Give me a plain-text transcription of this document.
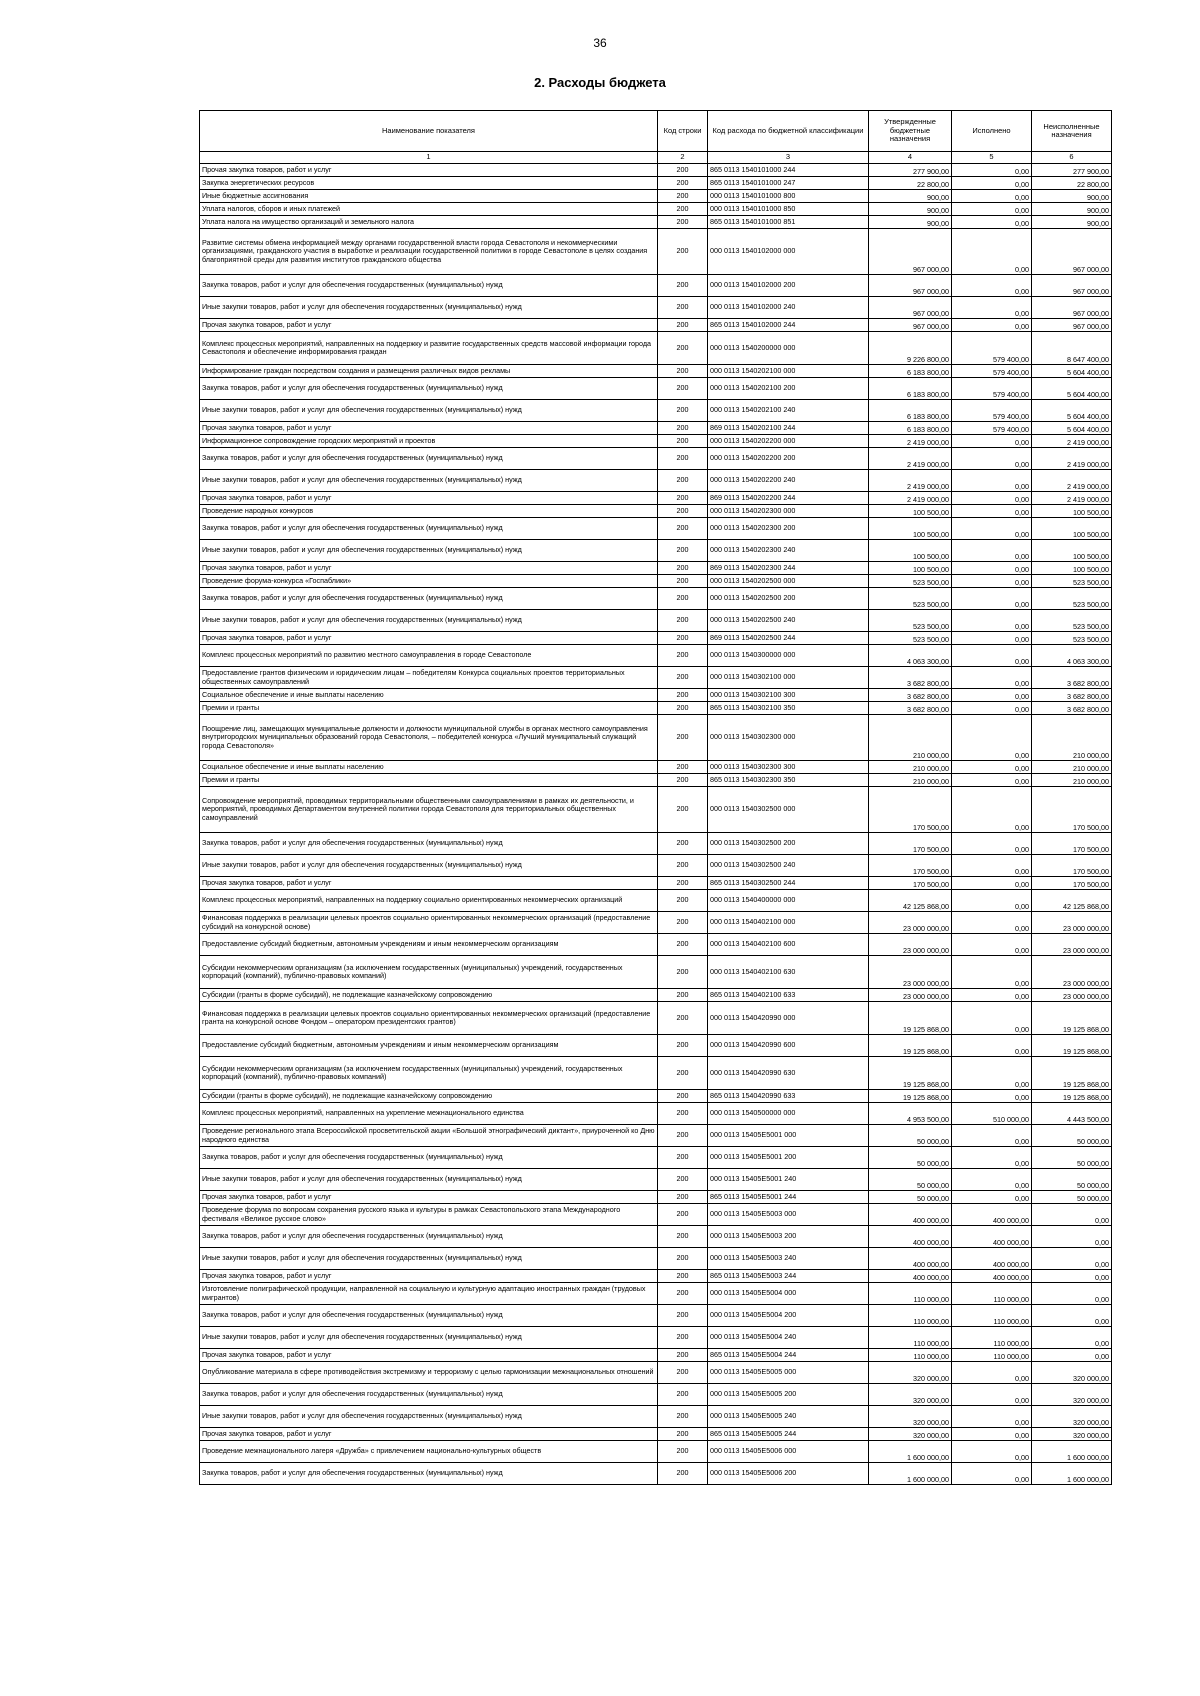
36
2. Расходы бюджета
Наименование показателя	Код строки	Код расхода по бюджетной классификации	Утвержденные бюджетные назначения	Исполнено	Неисполненные назначения
1	2	3	4	5	6
Прочая закупка товаров, работ и услуг	200	865 0113 1540101000 244	277 900,00	0,00	277 900,00
Закупка энергетических ресурсов	200	865 0113 1540101000 247	22 800,00	0,00	22 800,00
Иные бюджетные ассигнования	200	000 0113 1540101000 800	900,00	0,00	900,00
Уплата налогов, сборов и иных платежей	200	000 0113 1540101000 850	900,00	0,00	900,00
Уплата налога на имущество организаций и земельного налога	200	865 0113 1540101000 851	900,00	0,00	900,00
Развитие системы обмена информацией между органами государственной власти города Севастополя и некоммерческими организациями, гражданского участия в выработке и реализации государственной политики в городе Севастополе в целях создания благоприятной среды для развития институтов гражданского общества	200	000 0113 1540102000 000	967 000,00	0,00	967 000,00
Закупка товаров, работ и услуг для обеспечения государственных (муниципальных) нужд	200	000 0113 1540102000 200	967 000,00	0,00	967 000,00
Иные закупки товаров, работ и услуг для обеспечения государственных (муниципальных) нужд	200	000 0113 1540102000 240	967 000,00	0,00	967 000,00
Прочая закупка товаров, работ и услуг	200	865 0113 1540102000 244	967 000,00	0,00	967 000,00
Комплекс процессных мероприятий, направленных на поддержку и развитие государственных средств массовой информации города Севастополя и обеспечение информирования граждан	200	000 0113 1540200000 000	9 226 800,00	579 400,00	8 647 400,00
Информирование граждан посредством создания и размещения различных видов рекламы	200	000 0113 1540202100 000	6 183 800,00	579 400,00	5 604 400,00
Закупка товаров, работ и услуг для обеспечения государственных (муниципальных) нужд	200	000 0113 1540202100 200	6 183 800,00	579 400,00	5 604 400,00
Иные закупки товаров, работ и услуг для обеспечения государственных (муниципальных) нужд	200	000 0113 1540202100 240	6 183 800,00	579 400,00	5 604 400,00
Прочая закупка товаров, работ и услуг	200	869 0113 1540202100 244	6 183 800,00	579 400,00	5 604 400,00
Информационное сопровождение городских мероприятий и проектов	200	000 0113 1540202200 000	2 419 000,00	0,00	2 419 000,00
Закупка товаров, работ и услуг для обеспечения государственных (муниципальных) нужд	200	000 0113 1540202200 200	2 419 000,00	0,00	2 419 000,00
Иные закупки товаров, работ и услуг для обеспечения государственных (муниципальных) нужд	200	000 0113 1540202200 240	2 419 000,00	0,00	2 419 000,00
Прочая закупка товаров, работ и услуг	200	869 0113 1540202200 244	2 419 000,00	0,00	2 419 000,00
Проведение народных конкурсов	200	000 0113 1540202300 000	100 500,00	0,00	100 500,00
Закупка товаров, работ и услуг для обеспечения государственных (муниципальных) нужд	200	000 0113 1540202300 200	100 500,00	0,00	100 500,00
Иные закупки товаров, работ и услуг для обеспечения государственных (муниципальных) нужд	200	000 0113 1540202300 240	100 500,00	0,00	100 500,00
Прочая закупка товаров, работ и услуг	200	869 0113 1540202300 244	100 500,00	0,00	100 500,00
Проведение форума-конкурса «Госпаблики»	200	000 0113 1540202500 000	523 500,00	0,00	523 500,00
Закупка товаров, работ и услуг для обеспечения государственных (муниципальных) нужд	200	000 0113 1540202500 200	523 500,00	0,00	523 500,00
Иные закупки товаров, работ и услуг для обеспечения государственных (муниципальных) нужд	200	000 0113 1540202500 240	523 500,00	0,00	523 500,00
Прочая закупка товаров, работ и услуг	200	869 0113 1540202500 244	523 500,00	0,00	523 500,00
Комплекс процессных мероприятий по развитию местного самоуправления в городе Севастополе	200	000 0113 1540300000 000	4 063 300,00	0,00	4 063 300,00
Предоставление грантов физическим и юридическим лицам – победителям Конкурса социальных проектов территориальных общественных самоуправлений	200	000 0113 1540302100 000	3 682 800,00	0,00	3 682 800,00
Социальное обеспечение и иные выплаты населению	200	000 0113 1540302100 300	3 682 800,00	0,00	3 682 800,00
Премии и гранты	200	865 0113 1540302100 350	3 682 800,00	0,00	3 682 800,00
Поощрение лиц, замещающих муниципальные должности и должности муниципальной службы в органах местного самоуправления внутригородских муниципальных образований города Севастополя, – победителей конкурса «Лучший муниципальный служащий города Севастополя»	200	000 0113 1540302300 000	210 000,00	0,00	210 000,00
Социальное обеспечение и иные выплаты населению	200	000 0113 1540302300 300	210 000,00	0,00	210 000,00
Премии и гранты	200	865 0113 1540302300 350	210 000,00	0,00	210 000,00
Сопровождение мероприятий, проводимых территориальными общественными самоуправлениями в рамках их деятельности, и мероприятий, проводимых Департаментом внутренней политики города Севастополя для территориальных общественных самоуправлений	200	000 0113 1540302500 000	170 500,00	0,00	170 500,00
Закупка товаров, работ и услуг для обеспечения государственных (муниципальных) нужд	200	000 0113 1540302500 200	170 500,00	0,00	170 500,00
Иные закупки товаров, работ и услуг для обеспечения государственных (муниципальных) нужд	200	000 0113 1540302500 240	170 500,00	0,00	170 500,00
Прочая закупка товаров, работ и услуг	200	865 0113 1540302500 244	170 500,00	0,00	170 500,00
Комплекс процессных мероприятий, направленных на поддержку социально ориентированных некоммерческих организаций	200	000 0113 1540400000 000	42 125 868,00	0,00	42 125 868,00
Финансовая поддержка в реализации целевых проектов социально ориентированных некоммерческих организаций (предоставление субсидий на конкурсной основе)	200	000 0113 1540402100 000	23 000 000,00	0,00	23 000 000,00
Предоставление субсидий бюджетным, автономным учреждениям и иным некоммерческим организациям	200	000 0113 1540402100 600	23 000 000,00	0,00	23 000 000,00
Субсидии некоммерческим организациям (за исключением государственных (муниципальных) учреждений, государственных корпораций (компаний), публично-правовых компаний)	200	000 0113 1540402100 630	23 000 000,00	0,00	23 000 000,00
Субсидии (гранты в форме субсидий), не подлежащие казначейскому сопровождению	200	865 0113 1540402100 633	23 000 000,00	0,00	23 000 000,00
Финансовая поддержка в реализации целевых проектов социально ориентированных некоммерческих организаций (предоставление гранта на конкурсной основе Фондом – оператором президентских грантов)	200	000 0113 1540420990 000	19 125 868,00	0,00	19 125 868,00
Предоставление субсидий бюджетным, автономным учреждениям и иным некоммерческим организациям	200	000 0113 1540420990 600	19 125 868,00	0,00	19 125 868,00
Субсидии некоммерческим организациям (за исключением государственных (муниципальных) учреждений, государственных корпораций (компаний), публично-правовых компаний)	200	000 0113 1540420990 630	19 125 868,00	0,00	19 125 868,00
Субсидии (гранты в форме субсидий), не подлежащие казначейскому сопровождению	200	865 0113 1540420990 633	19 125 868,00	0,00	19 125 868,00
Комплекс процессных мероприятий, направленных на укрепление межнационального единства	200	000 0113 1540500000 000	4 953 500,00	510 000,00	4 443 500,00
Проведение регионального этапа Всероссийской просветительской акции «Большой этнографический диктант», приуроченной ко Дню народного единства	200	000 0113 15405E5001 000	50 000,00	0,00	50 000,00
Закупка товаров, работ и услуг для обеспечения государственных (муниципальных) нужд	200	000 0113 15405E5001 200	50 000,00	0,00	50 000,00
Иные закупки товаров, работ и услуг для обеспечения государственных (муниципальных) нужд	200	000 0113 15405E5001 240	50 000,00	0,00	50 000,00
Прочая закупка товаров, работ и услуг	200	865 0113 15405E5001 244	50 000,00	0,00	50 000,00
Проведение форума по вопросам сохранения русского языка и культуры в рамках Севастопольского этапа Международного фестиваля «Великое русское слово»	200	000 0113 15405E5003 000	400 000,00	400 000,00	0,00
Закупка товаров, работ и услуг для обеспечения государственных (муниципальных) нужд	200	000 0113 15405E5003 200	400 000,00	400 000,00	0,00
Иные закупки товаров, работ и услуг для обеспечения государственных (муниципальных) нужд	200	000 0113 15405E5003 240	400 000,00	400 000,00	0,00
Прочая закупка товаров, работ и услуг	200	865 0113 15405E5003 244	400 000,00	400 000,00	0,00
Изготовление полиграфической продукции, направленной на социальную и культурную адаптацию иностранных граждан (трудовых мигрантов)	200	000 0113 15405E5004 000	110 000,00	110 000,00	0,00
Закупка товаров, работ и услуг для обеспечения государственных (муниципальных) нужд	200	000 0113 15405E5004 200	110 000,00	110 000,00	0,00
Иные закупки товаров, работ и услуг для обеспечения государственных (муниципальных) нужд	200	000 0113 15405E5004 240	110 000,00	110 000,00	0,00
Прочая закупка товаров, работ и услуг	200	865 0113 15405E5004 244	110 000,00	110 000,00	0,00
Опубликование материала в сфере противодействия экстремизму и терроризму с целью гармонизации межнациональных отношений	200	000 0113 15405E5005 000	320 000,00	0,00	320 000,00
Закупка товаров, работ и услуг для обеспечения государственных (муниципальных) нужд	200	000 0113 15405E5005 200	320 000,00	0,00	320 000,00
Иные закупки товаров, работ и услуг для обеспечения государственных (муниципальных) нужд	200	000 0113 15405E5005 240	320 000,00	0,00	320 000,00
Прочая закупка товаров, работ и услуг	200	865 0113 15405E5005 244	320 000,00	0,00	320 000,00
Проведение межнационального лагеря «Дружба» с привлечением национально-культурных обществ	200	000 0113 15405E5006 000	1 600 000,00	0,00	1 600 000,00
Закупка товаров, работ и услуг для обеспечения государственных (муниципальных) нужд	200	000 0113 15405E5006 200	1 600 000,00	0,00	1 600 000,00
